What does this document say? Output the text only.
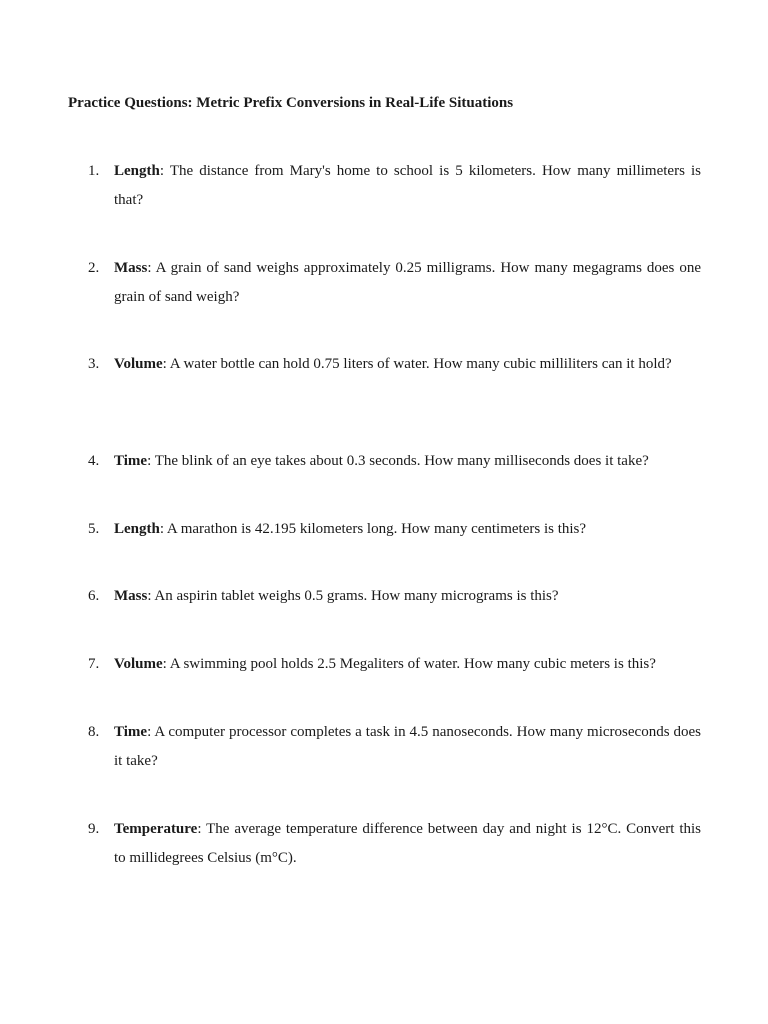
Practice Questions: Metric Prefix Conversions in Real-Life Situations
1. Length: The distance from Mary's home to school is 5 kilometers. How many millimeters is that?
2. Mass: A grain of sand weighs approximately 0.25 milligrams. How many megagrams does one grain of sand weigh?
3. Volume: A water bottle can hold 0.75 liters of water. How many cubic milliliters can it hold?
4. Time: The blink of an eye takes about 0.3 seconds. How many milliseconds does it take?
5. Length: A marathon is 42.195 kilometers long. How many centimeters is this?
6. Mass: An aspirin tablet weighs 0.5 grams. How many micrograms is this?
7. Volume: A swimming pool holds 2.5 Megaliters of water. How many cubic meters is this?
8. Time: A computer processor completes a task in 4.5 nanoseconds. How many microseconds does it take?
9. Temperature: The average temperature difference between day and night is 12°C. Convert this to millidegrees Celsius (m°C).
